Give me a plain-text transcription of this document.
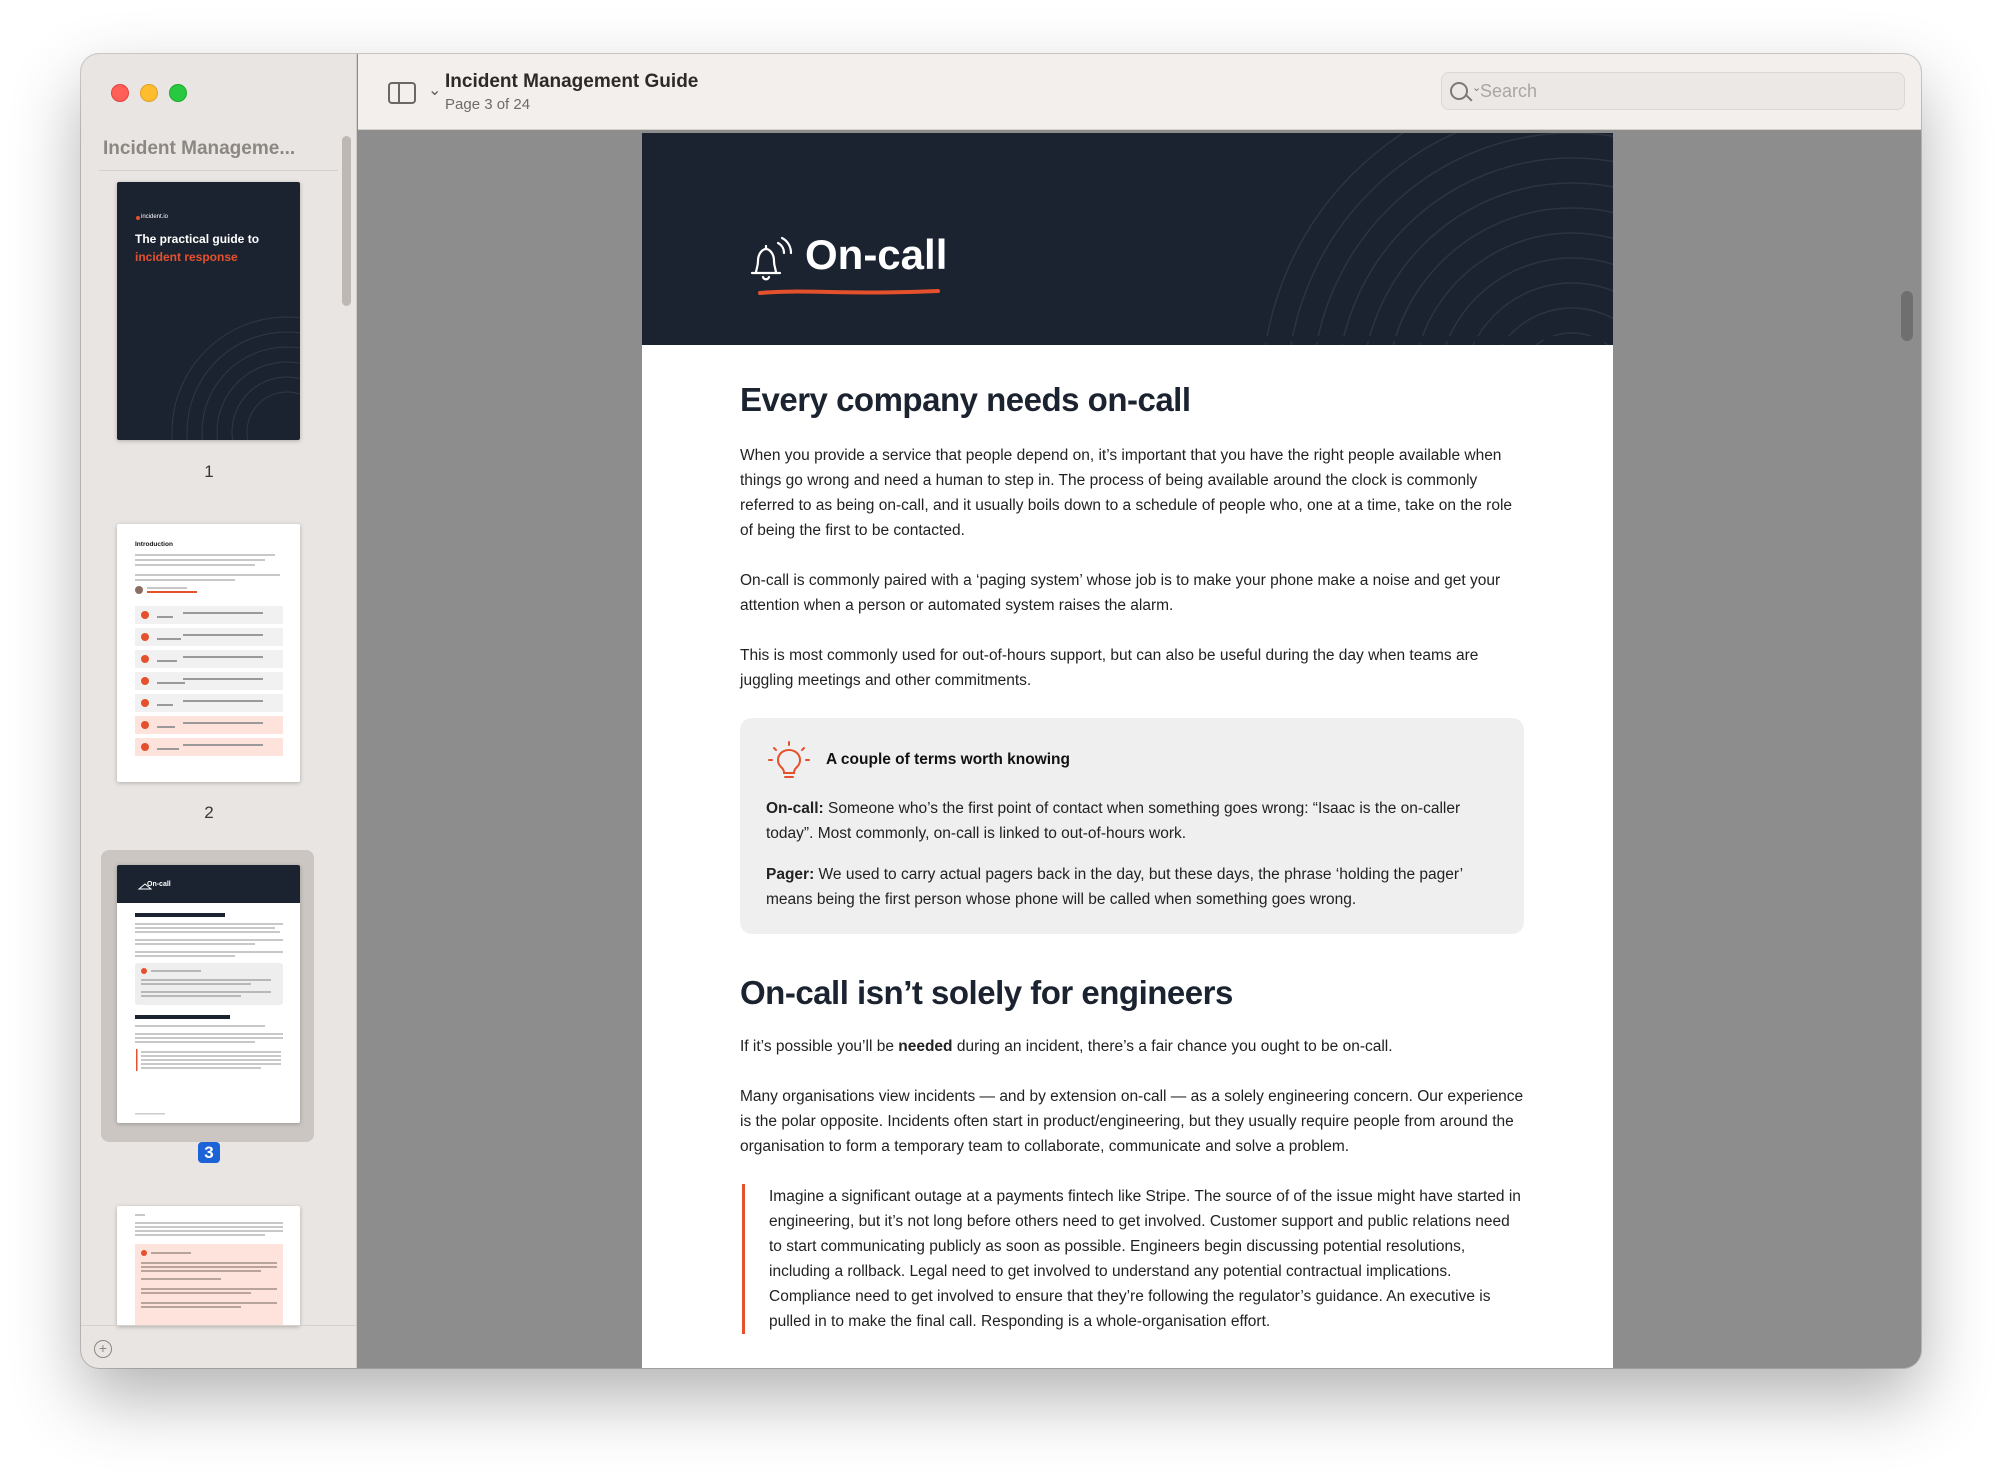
Incident Manageme...
incident.io
The practical guide to
incident response
1
Introduction
2
On-call
3
+
⌄ Incident Management Guide
Page 3 of 24
⌄
Search
On-call
Every company needs on-call
When you provide a service that people depend on, it’s important that you have the right people available when things go wrong and need a human to step in. The process of being available around the clock is commonly referred to as being on-call, and it usually boils down to a schedule of people who, one at a time, take on the role of being the first to be contacted.
On-call is commonly paired with a ‘paging system’ whose job is to make your phone make a noise and get your attention when a person or automated system raises the alarm.
This is most commonly used for out-of-hours support, but can also be useful during the day when teams are juggling meetings and other commitments.
A couple of terms worth knowing
On-call: Someone who’s the first point of contact when something goes wrong: “Isaac is the on-caller today”. Most commonly, on-call is linked to out-of-hours work.
Pager: We used to carry actual pagers back in the day, but these days, the phrase ‘holding the pager’ means being the first person whose phone will be called when something goes wrong.
On-call isn’t solely for engineers
If it’s possible you’ll be needed during an incident, there’s a fair chance you ought to be on-call.
Many organisations view incidents — and by extension on-call — as a solely engineering concern. Our experience is the polar opposite. Incidents often start in product/engineering, but they usually require people from around the organisation to form a temporary team to collaborate, communicate and solve a problem.
Imagine a significant outage at a payments fintech like Stripe. The source of of the issue might have started in engineering, but it’s not long before others need to get involved. Customer support and public relations need to start communicating publicly as soon as possible. Engineers begin discussing potential resolutions, including a rollback. Legal need to get involved to understand any potential contractual implications. Compliance need to get involved to ensure that they’re following the regulator’s guidance. An executive is pulled in to make the final call. Responding is a whole-organisation effort.
